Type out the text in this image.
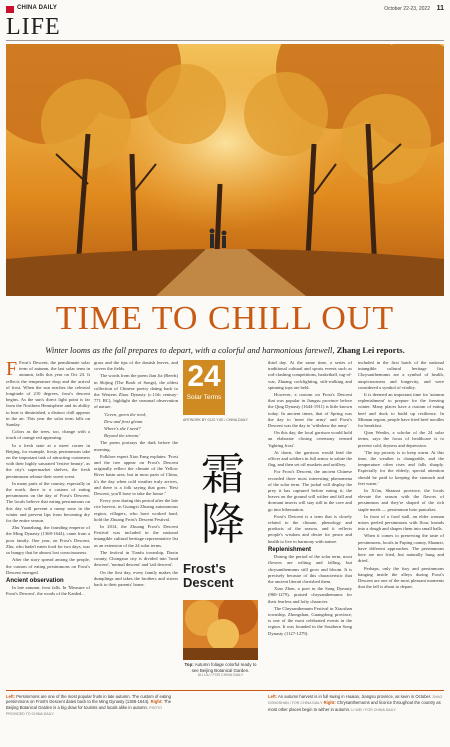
CHINA DAILY	October 22-23, 2022 11
LIFE
TIME TO CHILL OUT
Winter looms as the fall prepares to depart, with a colorful and harmonious farewell, Zhang Lei reports.

F Frost's Descent, the penultimate solar term of autumn, the last solar term in autumn, falls this year on Oct 23. It reflects the temperature drop and the arrival of frost. When the sun reaches the celestial longitude of 210 degrees, frost's descent begins. As the sun's direct light point is far from the Northern Hemisphere and its ability to heat is diminished, a distinct chill appears in the air. This year the solar term falls on Sunday.

Colors as the trees, too, change with a touch of orange red appearing.

In a fresh state at a street corner in Beijing, for example, frosty persimmons take on the important task of attracting customers with their highly saturated 'festive beauty', as the city's supermarket shelves, the fresh persimmons release their sweet scent.

In many parts of the country, especially in the north, there is a custom of eating persimmons on the day of Frost's Descent. The locals believe that eating persimmons on this day will prevent a runny nose in the winter and prevent lips from becoming dry for the entire season.

Zhu Yuanzhang, the founding emperor of the Ming Dynasty (1368-1644), came from a poor family. One year, on Frost's Descent, Zhu, who hadn't eaten food for two days, was so hungry that he almost lost consciousness.

After the story spread among the people, the custom of eating persimmons on Frost's Descent emerged.

Ancient observation

In late autumn, frost falls. In 'Measure of Frost's Descent', the words of the Kaided...

grass and the tips of the dustish leaves, and covers the fields.

The words from the poem Jian Jia (Reeds) in Shijing (The Book of Songs), the oldest collection of Chinese poetry dating back to the Western Zhou Dynasty (c.11th century-771 BC), highlight the seasonal observation of nature.

'Green, green the reed;

Dew and frost gleam.

Where's she I need?

Beyond the stream.'

The poem portrays the dark before the morning.

Folklore expert Xiao Fang explains: 'Frost and the tree appear on Frost's Descent originally reflect the climate of the Yellow River basin area, but in most parts of China, it's the day when cold weather truly arrives, and there is a folk saying that goes: 'Rest Descent, you'll have to take the house.''

Every year during this period after the late rice harvest, in Guangxi Zhuang autonomous region, villagers, who have worked hard, hold the Zhuang Frost's Descent Festival.

In 2014, the Zhuang Frost's Descent Festival was included in the national intangible cultural heritage representative list as an extension of the 24 solar terms.

The festival in Tianfu township, Daxin county, Chongzuo city is divided into 'head descent', 'normal descent' and 'tail descent'.

On the first day, every family makes the dumplings and takes the brothers and sisters back to their parents' home.

24
Solar Terms
ARTWORK BY GUO YUE / CHINA DAILY
霜降
Frost's Descent
Top: Autumn foliage colorful ready to see Beijing Botanical Garden.
DU LIU / FOR CHINA DAILY

third day. At the same time, a series of traditional cultural and sports events such as rod-clashing competitions, basketball, tug-of-war, Zhuang cockfighting, stilt-walking and spinning tops are held.

However, a custom on Frost's Descent that was popular in Jiangsu province before the Qing Dynasty (1644-1911) is little known today. In ancient times, that of Spring was the day to 'meet the army' and Frost's Descent was the day to 'withdraw the army'.

On this day, the local garrison would hold an elaborate closing ceremony termed 'fighting frost'.

At dawn, the garrison would lead the officer and soldiers in full armor to salute the flag, and then set off muskets and artillery.

For Frost's Descent, the ancient Chinese recorded three most interesting phenomena of the solar term. The jackal will display the prey it has captured before eating it; the leaves on the ground will wither and fall and dormant insects will stay still in the cave and go into hibernation.

Frost's Descent is a term that is closely related to the climate, phenology and products of the season, and it reflects people's wisdom and desire for peace and health to live in harmony with nature.

Replenishment

During the period of the solar term, most flowers are wilting and falling, but chrysanthemums still grow and bloom. It is precisely because of this characteristic that the ancient literati cherished them.

Xiao Zhen, a poet in the Song Dynasty (960-1279), praised chrysanthemums for their fearless and lofty character.

The Chrysanthemum Festival in Xiaoshan township, Zhongshan, Guangdong province, is one of the most celebrated events in the region. It was founded in the Southern Song Dynasty (1127-1279).

included in the first batch of the national intangible cultural heritage list. Chrysanthemums are a symbol of health, auspiciousness and longevity, and were considered a symbol of vitality.

It is deemed an important time for 'autumn replenishment' to prepare for the freezing winter. Many places have a custom of eating beef and duck to build up resilience. In Minnan region, people have fried beef noodles for breakfast.

Qian Wenlin, a scholar of the 24 solar terms, says the focus of healthcare is to prevent cold, dryness and depression.

'The top priority is to keep warm. At this time, the weather is changeable, and the temperature often rises and falls sharply. Especially for the elderly, special attention should be paid to keeping the stomach and feet warm.'

In Xi'an, Shaanxi province, the locals elevate the season with the flavors of persimmon and they're shaped of the rich staple meals — persimmon hoto pancakes.

In front of a food stall, an elder woman mixes peeled persimmons with flour, kneads into a dough and shapes them into small balls.

When it comes to preserving the taste of persimmons, locals in Fuping county, Shaanxi, have different approaches. The persimmons here are not fried, but naturally hung and dried.

Perhaps, only the fury and persimmons hanging inside the alleys during Frost's Descent are one of the most pleasant moments that the fall is about to depart.

Left: Persimmons are one of the most popular fruits in late autumn. The custom of eating persimmons on Frost's Descent dates back to the Ming Dynasty (1368-1644). Right: The Beijing Botanical Garden is a big draw for tourists and locals alike in autumn. PHOTO PROVIDED TO CHINA DAILY
Left: An autumn harvest is in full swing in Huaian, Jiangsu province, as seen in October. ZHAO DONGSHAN / FOR CHINA DAILY Right: Chrysanthemums and licorice throughout the country as most other places begin to wither in autumn. LI WEI / FOR CHINA DAILY
